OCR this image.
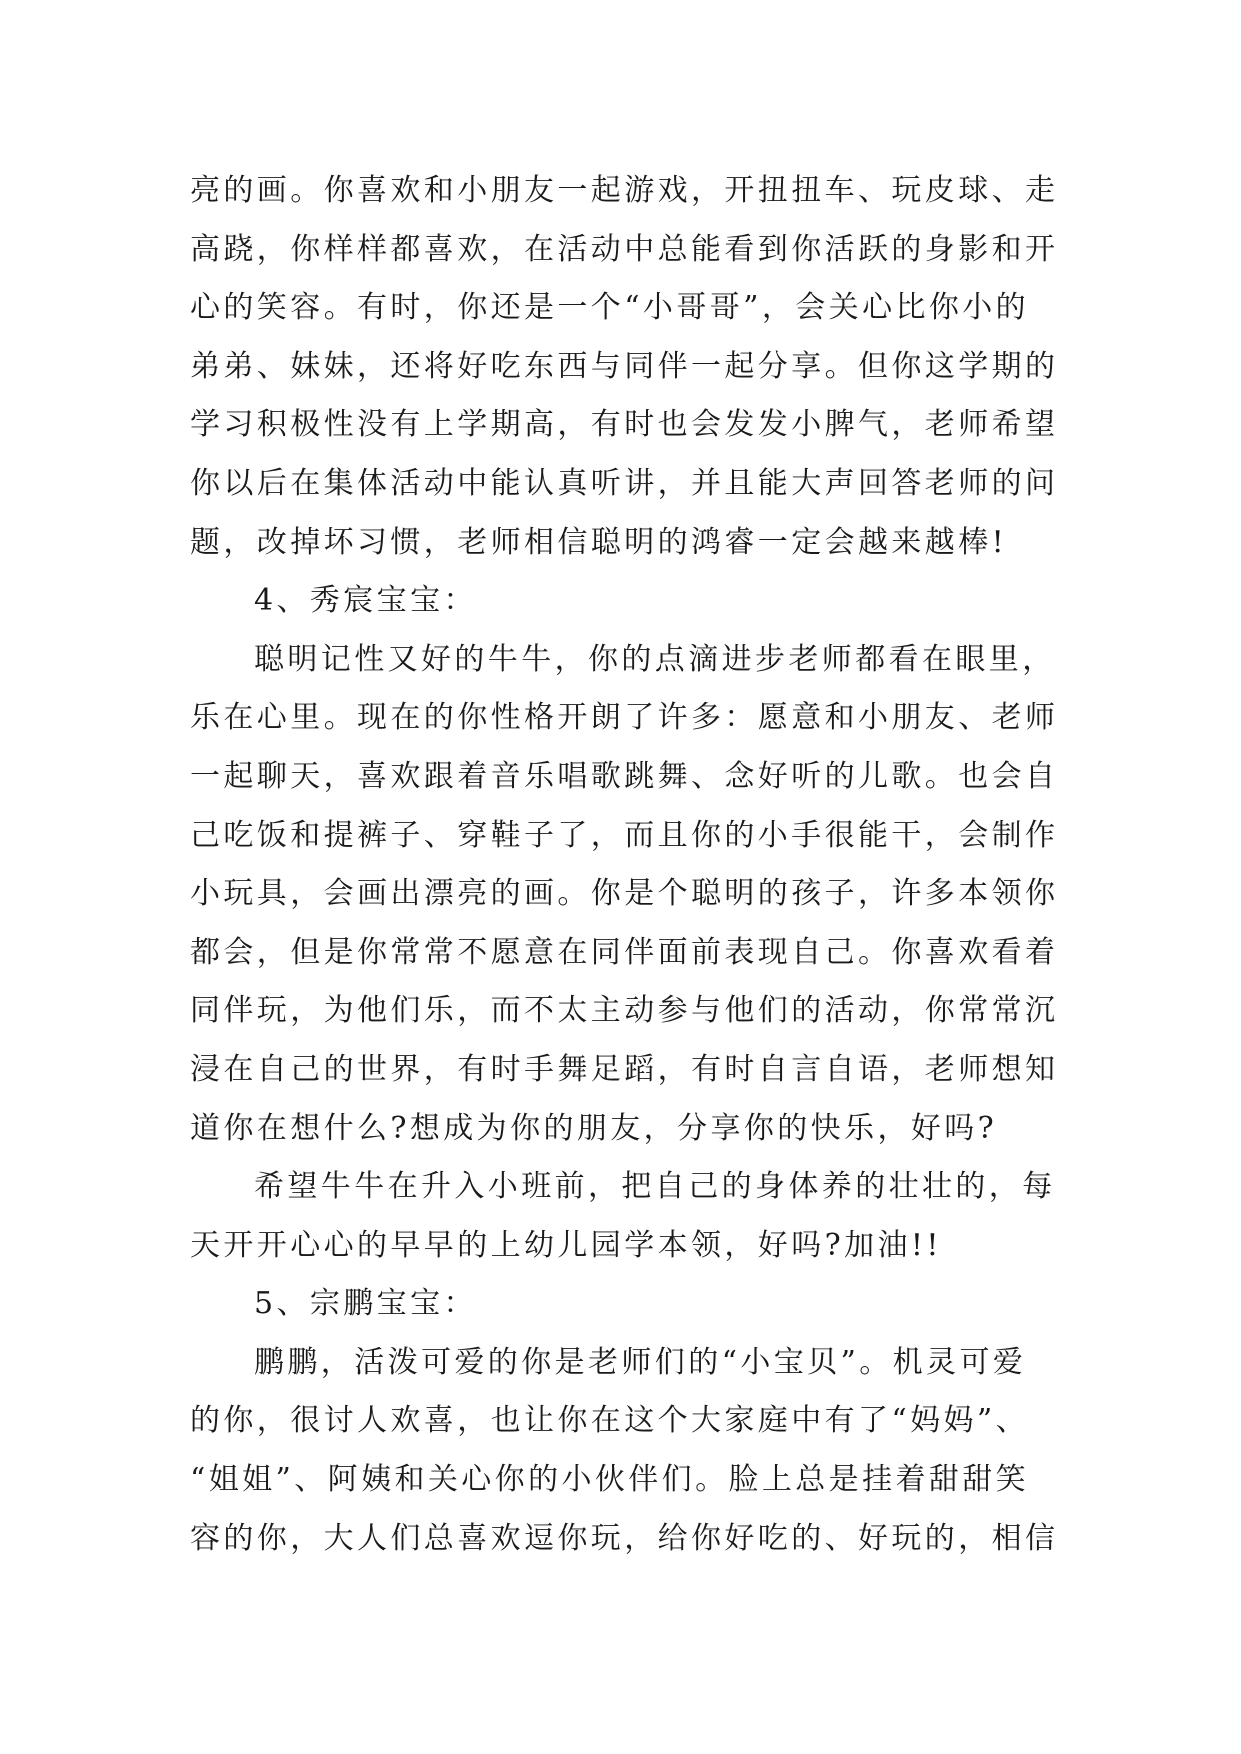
亮的画。你喜欢和小朋友一起游戏，开扭扭车、玩皮球、走
高跷，你样样都喜欢，在活动中总能看到你活跃的身影和开
心的笑容。有时，你还是一个“小哥哥”，会关心比你小的
弟弟、妹妹，还将好吃东西与同伴一起分享。但你这学期的
学习积极性没有上学期高，有时也会发发小脾气，老师希望
你以后在集体活动中能认真听讲，并且能大声回答老师的问
题，改掉坏习惯，老师相信聪明的鸿睿一定会越来越棒!
4、秀宸宝宝：
聪明记性又好的牛牛，你的点滴进步老师都看在眼里，
乐在心里。现在的你性格开朗了许多：愿意和小朋友、老师
一起聊天，喜欢跟着音乐唱歌跳舞、念好听的儿歌。也会自
己吃饭和提裤子、穿鞋子了，而且你的小手很能干，会制作
小玩具，会画出漂亮的画。你是个聪明的孩子，许多本领你
都会，但是你常常不愿意在同伴面前表现自己。你喜欢看着
同伴玩，为他们乐，而不太主动参与他们的活动，你常常沉
浸在自己的世界，有时手舞足蹈，有时自言自语，老师想知
道你在想什么?想成为你的朋友，分享你的快乐，好吗?
希望牛牛在升入小班前，把自己的身体养的壮壮的，每
天开开心心的早早的上幼儿园学本领，好吗?加油!!
5、宗鹏宝宝：
鹏鹏，活泼可爱的你是老师们的“小宝贝”。机灵可爱
的你，很讨人欢喜，也让你在这个大家庭中有了“妈妈”、
“姐姐”、阿姨和关心你的小伙伴们。脸上总是挂着甜甜笑
容的你，大人们总喜欢逗你玩，给你好吃的、好玩的，相信
